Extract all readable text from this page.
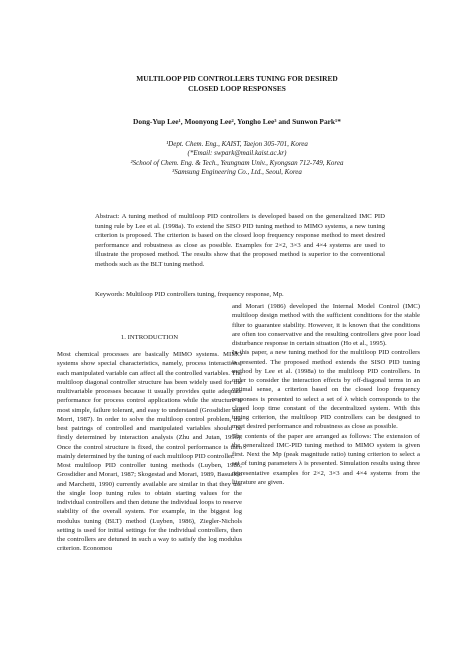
MULTILOOP PID CONTROLLERS TUNING FOR DESIRED
CLOSED LOOP RESPONSES
Dong-Yup Lee¹, Moonyong Lee², Yongho Lee³ and Sunwon Park¹*
¹Dept. Chem. Eng., KAIST, Taejon 305-701, Korea
(*Email: swpark@mail.kaist.ac.kr)
²School of Chem. Eng. & Tech., Yeungnam Univ., Kyongsan 712-749, Korea
³Samsung Engineering Co., Ltd., Seoul, Korea
Abstract: A tuning method of multiloop PID controllers is developed based on the generalized IMC PID tuning rule by Lee et al. (1998a). To extend the SISO PID tuning method to MIMO systems, a new tuning criterion is proposed. The criterion is based on the closed loop frequency response method to meet desired performance and robustness as close as possible. Examples for 2×2, 3×3 and 4×4 systems are used to illustrate the proposed method. The results show that the proposed method is superior to the conventional methods such as the BLT tuning method.
Keywords: Multiloop PID controllers tuning, frequency response, Mp.
1. INTRODUCTION

Most chemical processes are basically MIMO systems. MIMO systems show special characteristics, namely, process interactions: each manipulated variable can affect all the controlled variables. The multiloop diagonal controller structure has been widely used for the multivariable processes because it usually provides quite adequate performance for process control applications while the structure is most simple, failure tolerant, and easy to understand (Grosdidier and Morri, 1987). In order to solve the multiloop control problem, the best pairings of controlled and manipulated variables should be firstly determined by interaction analysis (Zhu and Jutan, 1996). Once the control structure is fixed, the control performance is then mainly determined by the tuning of each multiloop PID controller.

Most multiloop PID controller tuning methods (Luyben, 1986; Grosdidier and Morari, 1987; Skogestad and Morari, 1989, Basualdo and Marchetti, 1990) currently available are similar in that they use the single loop tuning rules to obtain starting values for the individual controllers and then detune the individual loops to reserve stability of the overall system. For example, in the biggest log modulus tuning (BLT) method (Luyben, 1986), Ziegler-Nichols setting is used for initial settings for the individual controllers, then the controllers are detuned in such a way to satisfy the log modulus criterion. Economou

and Morari (1986) developed the Internal Model Control (IMC) multiloop design method with the sufficient conditions for the stable filter to guarantee stability. However, it is known that the conditions are often too conservative and the resulting controllers give poor load disturbance response in certain situation (Ho et al., 1995).

In this paper, a new tuning method for the multiloop PID controllers is presented. The proposed method extends the SISO PID tuning method by Lee et al. (1998a) to the multiloop PID controllers. In order to consider the interaction effects by off-diagonal terms in an optimal sense, a criterion based on the closed loop frequency responses is presented to select a set of λ which corresponds to the closed loop time constant of the decentralized system. With this tuning criterion, the multiloop PID controllers can be designed to meet desired performance and robustness as close as possible.

The contents of the paper are arranged as follows: The extension of the generalized IMC-PID tuning method to MIMO system is given first. Next the Mp (peak magnitude ratio) tuning criterion to select a set of tuning parameters λ is presented. Simulation results using three representative examples for 2×2, 3×3 and 4×4 systems from the literature are given.
